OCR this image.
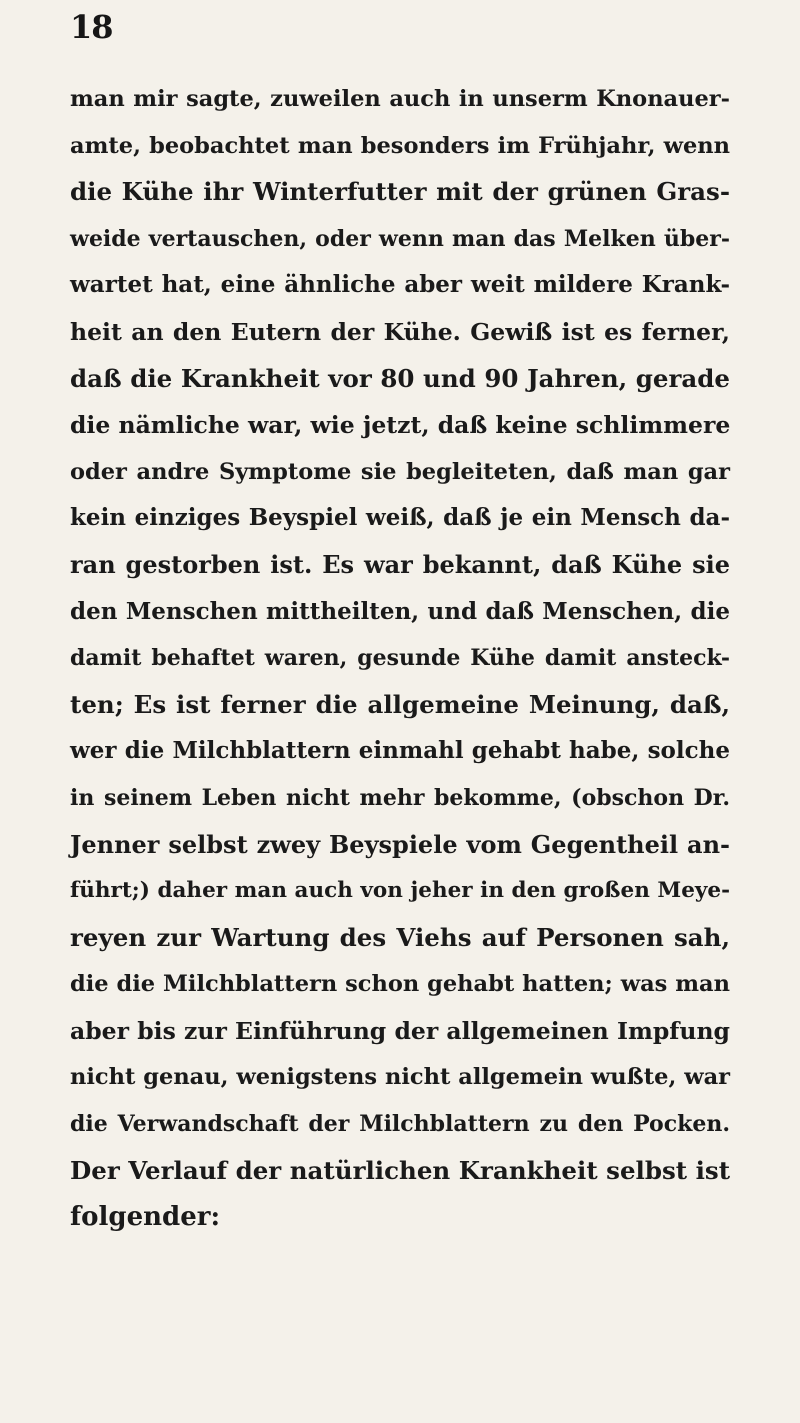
18
man mir sagte, zuweilen auch in unserm Knonauer-
amte, beobachtet man besonders im Frühjahr, wenn
die Kühe ihr Winterfutter mit der grünen Gras-
weide vertauschen, oder wenn man das Melken über-
wartet hat, eine ähnliche aber weit mildere Krank-
heit an den Eutern der Kühe. Gewiß ist es ferner,
daß die Krankheit vor 80 und 90 Jahren, gerade
die nämliche war, wie jetzt, daß keine schlimmere
oder andre Symptome sie begleiteten, daß man gar
kein einziges Beyspiel weiß, daß je ein Mensch da-
ran gestorben ist. Es war bekannt, daß Kühe sie
den Menschen mittheilten, und daß Menschen, die
damit behaftet waren, gesunde Kühe damit ansteck-
ten; Es ist ferner die allgemeine Meinung, daß,
wer die Milchblattern einmahl gehabt habe, solche
in seinem Leben nicht mehr bekomme, (obschon Dr.
Jenner selbst zwey Beyspiele vom Gegentheil an-
führt;) daher man auch von jeher in den großen Meye-
reyen zur Wartung des Viehs auf Personen sah,
die die Milchblattern schon gehabt hatten; was man
aber bis zur Einführung der allgemeinen Impfung
nicht genau, wenigstens nicht allgemein wußte, war
die Verwandschaft der Milchblattern zu den Pocken.
Der Verlauf der natürlichen Krankheit selbst ist
folgender:
